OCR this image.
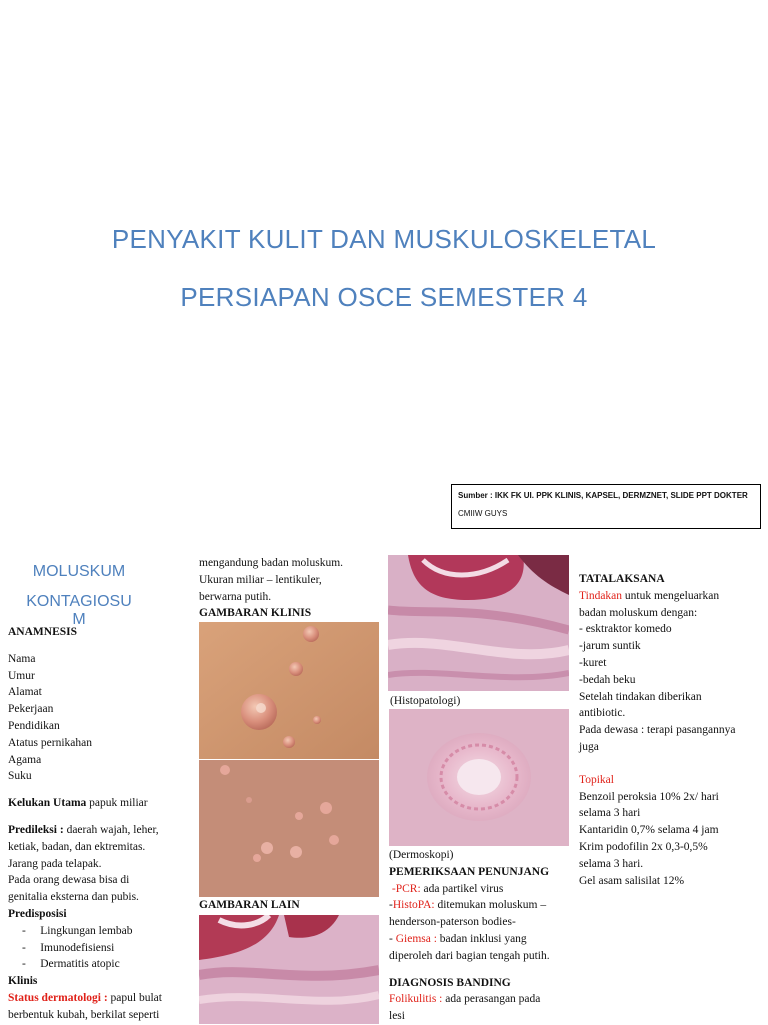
PENYAKIT KULIT DAN MUSKULOSKELETAL
PERSIAPAN OSCE SEMESTER 4
Sumber : IKK FK UI. PPK KLINIS, KAPSEL, DERMZNET, SLIDE PPT DOKTER
CMIIW GUYS
MOLUSKUM
KONTAGIOSU
M
ANAMNESIS
Nama
Umur
Alamat
Pekerjaan
Pendidikan
Atatus pernikahan
Agama
Suku
Kelukan Utama papuk miliar
Predileksi : daerah wajah, leher,
ketiak, badan, dan ektremitas.
Jarang pada telapak.
Pada orang dewasa bisa di
genitalia eksterna dan pubis.
Predisposisi
-     Lingkungan lembab
-     Imunodefisiensi
-     Dermatitis atopic
Klinis
Status dermatologi : papul bulat
berbentuk kubah, berkilat seperti
mengandung badan moluskum.
Ukuran miliar – lentikuler,
berwarna putih.
GAMBARAN KLINIS
GAMBARAN LAIN
(Histopatologi)
(Dermoskopi)
PEMERIKSAAN PENUNJANG
-PCR: ada partikel virus
-HistoPA: ditemukan moluskum –
henderson-paterson bodies-
- Giemsa : badan inklusi yang
diperoleh dari bagian tengah putih.
DIAGNOSIS BANDING
Folikulitis : ada perasangan pada
lesi
TATALAKSANA
Tindakan untuk mengeluarkan
badan moluskum dengan:
- esktraktor komedo
-jarum suntik
-kuret
-bedah beku
Setelah tindakan diberikan
antibiotic.
Pada dewasa : terapi pasangannya
juga
Topikal
Benzoil peroksia 10% 2x/ hari
selama 3 hari
Kantaridin 0,7% selama 4 jam
Krim podofilin 2x 0,3-0,5%
selama 3 hari.
Gel asam salisilat 12%
